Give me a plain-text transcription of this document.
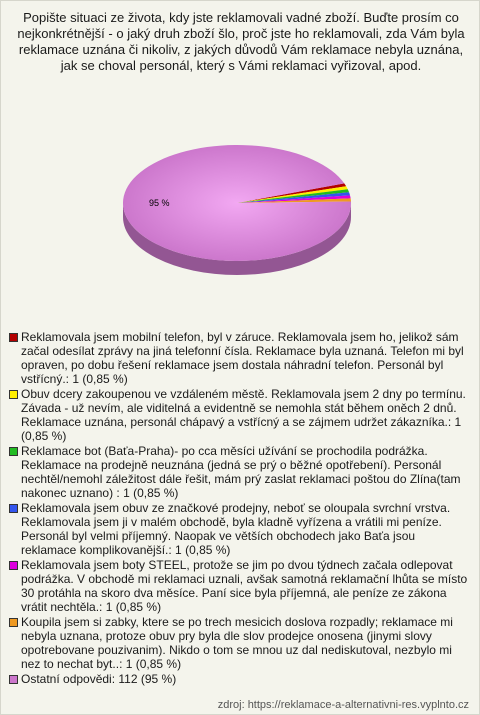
Popište situaci ze života, kdy jste reklamovali vadné zboží. Buďte prosím co nejkonkrétnější - o jaký druh zboží šlo, proč jste ho reklamovali, zda Vám byla reklamace uznána či nikoliv, z jakých důvodů Vám reklamace nebyla uznána, jak se choval personál, který s Vámi reklamaci vyřizoval, apod.
95 %
Reklamovala jsem mobilní telefon, byl v záruce. Reklamovala jsem ho, jelikož sám začal odesílat zprávy na jiná telefonní čísla. Reklamace byla uznaná. Telefon mi byl opraven, po dobu řešení reklamace jsem dostala náhradní telefon. Personál byl vstřícný.: 1 (0,85 %)
Obuv dcery zakoupenou ve vzdáleném městě. Reklamovala jsem 2 dny po termínu. Závada - už nevím, ale viditelná a evidentně se nemohla stát během oněch 2 dnů. Reklamace uznána, personál chápavý a vstřícný a se zájmem udržet zákazníka.: 1 (0,85 %)
Reklamace bot (Baťa-Praha)- po cca měsíci užívání se prochodila podrážka. Reklamace na prodejně neuznána (jedná se prý o běžné opotřebení). Personál nechtěl/nemohl záležitost dále řešit, mám prý zaslat reklamaci poštou do Zlína(tam nakonec uznano) : 1 (0,85 %)
Reklamovala jsem obuv ze značkové prodejny, neboť se oloupala svrchní vrstva. Reklamovala jsem ji v malém obchodě, byla kladně vyřízena a vrátili mi peníze. Personál byl velmi příjemný. Naopak ve větších obchodech jako Baťa jsou reklamace komplikovanější.: 1 (0,85 %)
Reklamovala jsem boty STEEL, protože se jim po dvou týdnech začala odlepovat podrážka. V obchodě mi reklamaci uznali, avšak samotná reklamační lhůta se místo 30 protáhla na skoro dva měsíce. Paní sice byla příjemná, ale peníze ze zákona vrátit nechtěla.: 1 (0,85 %)
Koupila jsem si zabky, ktere se po trech mesicich doslova rozpadly; reklamace mi nebyla uznana, protoze obuv pry byla dle slov prodejce onosena (jinymi slovy opotrebovane pouzivanim). Nikdo o tom se mnou uz dal nediskutoval, nezbylo mi nez to nechat byt..: 1 (0,85 %)
Ostatní odpovědi: 112 (95 %)
zdroj: https://reklamace-a-alternativni-res.vyplnto.cz
